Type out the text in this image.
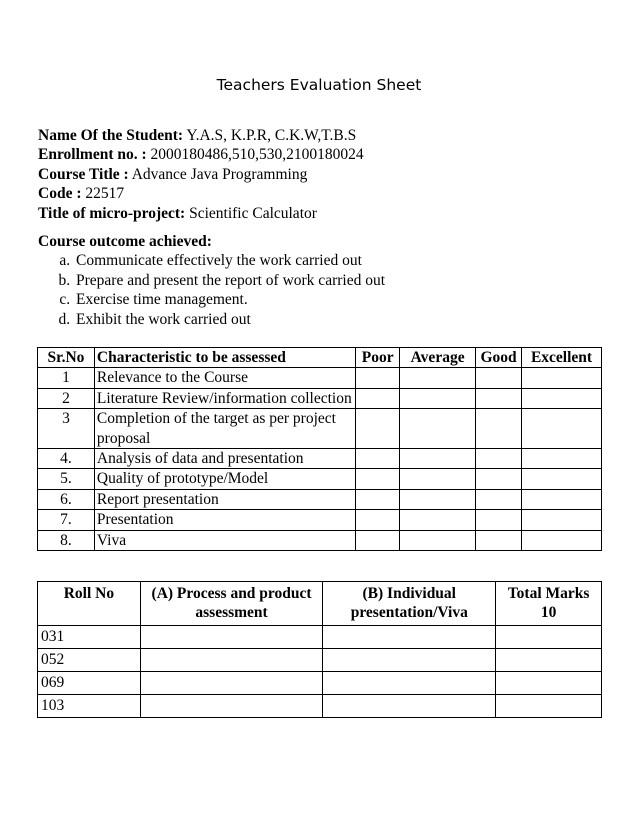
Teachers Evaluation Sheet
Name Of the Student: Y.A.S, K.P.R, C.K.W,T.B.S
Enrollment no. : 2000180486,510,530,2100180024
Course Title : Advance Java Programming
Code : 22517
Title of micro-project: Scientific Calculator
Course outcome achieved:
a. Communicate effectively the work carried out
b. Prepare and present the report of work carried out
c. Exercise time management.
d. Exhibit the work carried out
Sr.No	Characteristic to be assessed	Poor	Average	Good	Excellent
1	Relevance to the Course				
2	Literature Review/information collection				
3	Completion of the target as per project proposal				
4.	Analysis of data and presentation				
5.	Quality of prototype/Model				
6.	Report presentation				
7.	Presentation				
8.	Viva				
Roll No	(A) Process and product assessment	(B) Individual presentation/Viva	Total Marks 10
031			
052			
069			
103			
